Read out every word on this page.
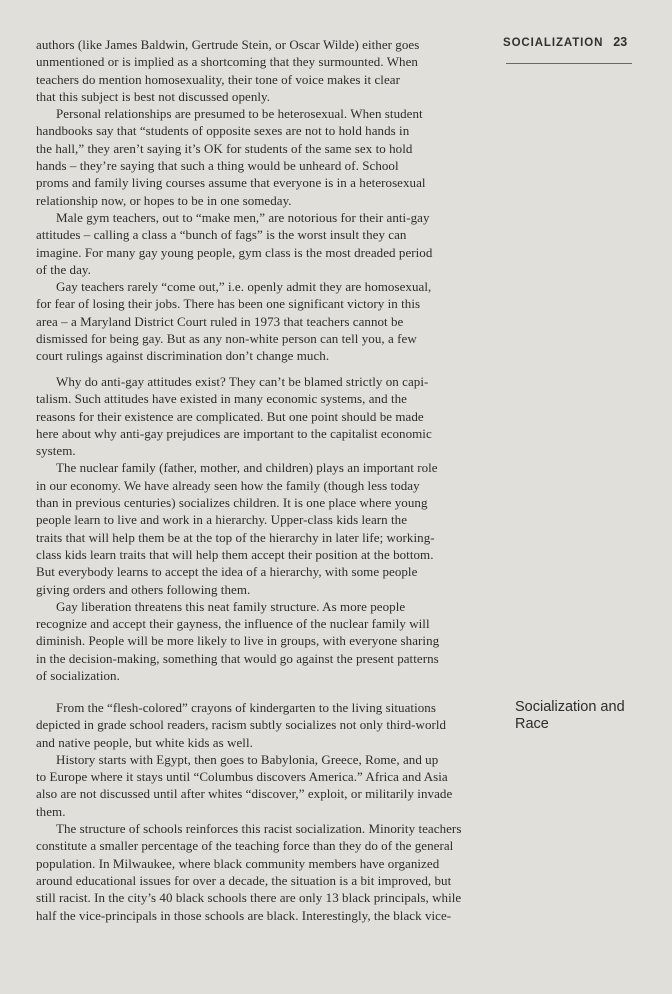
SOCIALIZATION 23
Socialization and
Race

authors (like James Baldwin, Gertrude Stein, or Oscar Wilde) either goes
unmentioned or is implied as a shortcoming that they surmounted. When
teachers do mention homosexuality, their tone of voice makes it clear
that this subject is best not discussed openly.

Personal relationships are presumed to be heterosexual. When student
handbooks say that “students of opposite sexes are not to hold hands in
the hall,” they aren’t saying it’s OK for students of the same sex to hold
hands – they’re saying that such a thing would be unheard of. School
proms and family living courses assume that everyone is in a heterosexual
relationship now, or hopes to be in one someday.

Male gym teachers, out to “make men,” are notorious for their anti-gay
attitudes – calling a class a “bunch of fags” is the worst insult they can
imagine. For many gay young people, gym class is the most dreaded period
of the day.

Gay teachers rarely “come out,” i.e. openly admit they are homosexual,
for fear of losing their jobs. There has been one significant victory in this
area – a Maryland District Court ruled in 1973 that teachers cannot be
dismissed for being gay. But as any non-white person can tell you, a few
court rulings against discrimination don’t change much.

Why do anti-gay attitudes exist? They can’t be blamed strictly on capi-
talism. Such attitudes have existed in many economic systems, and the
reasons for their existence are complicated. But one point should be made
here about why anti-gay prejudices are important to the capitalist economic
system.

The nuclear family (father, mother, and children) plays an important role
in our economy. We have already seen how the family (though less today
than in previous centuries) socializes children. It is one place where young
people learn to live and work in a hierarchy. Upper-class kids learn the
traits that will help them be at the top of the hierarchy in later life; working-
class kids learn traits that will help them accept their position at the bottom.
But everybody learns to accept the idea of a hierarchy, with some people
giving orders and others following them.

Gay liberation threatens this neat family structure. As more people
recognize and accept their gayness, the influence of the nuclear family will
diminish. People will be more likely to live in groups, with everyone sharing
in the decision-making, something that would go against the present patterns
of socialization.

From the “flesh-colored” crayons of kindergarten to the living situations
depicted in grade school readers, racism subtly socializes not only third-world
and native people, but white kids as well.

History starts with Egypt, then goes to Babylonia, Greece, Rome, and up
to Europe where it stays until “Columbus discovers America.” Africa and Asia
also are not discussed until after whites “discover,” exploit, or militarily invade
them.

The structure of schools reinforces this racist socialization. Minority teachers
constitute a smaller percentage of the teaching force than they do of the general
population. In Milwaukee, where black community members have organized
around educational issues for over a decade, the situation is a bit improved, but
still racist. In the city’s 40 black schools there are only 13 black principals, while
half the vice-principals in those schools are black. Interestingly, the black vice-
